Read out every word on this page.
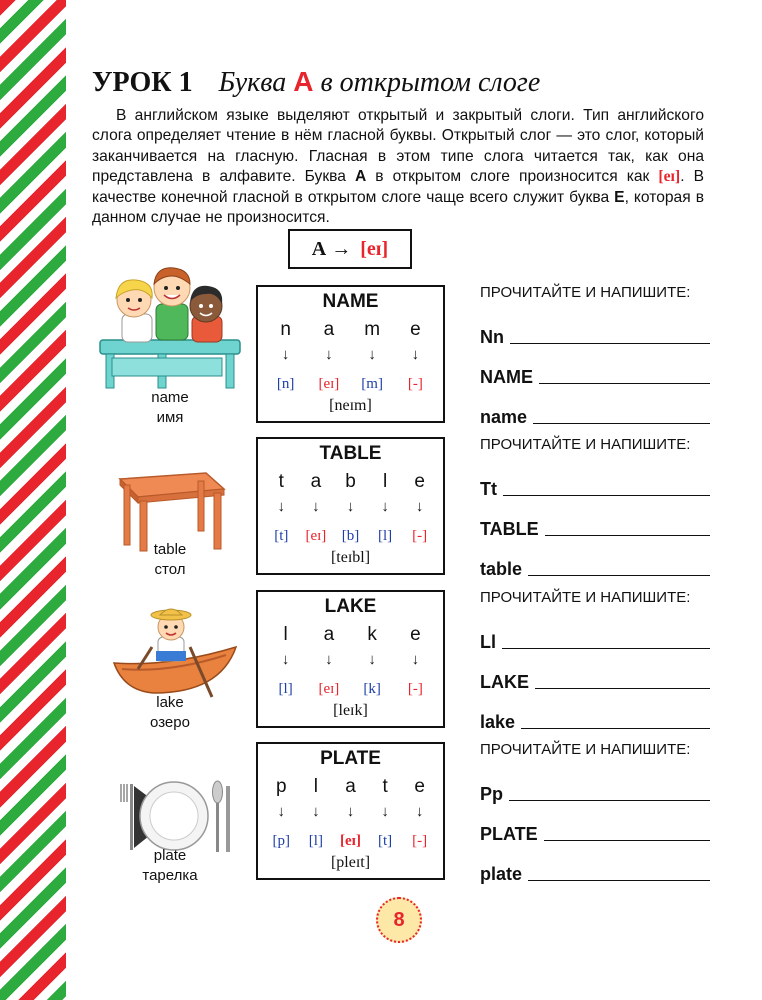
УРОК 1 Буква А в открытом слоге

В английском языке выделяют открытый и закрытый слоги. Тип английского слога определяет чтение в нём гласной буквы. Открытый слог — это слог, который заканчивается на гласную. Гласная в этом типе слога читается так, как она представлена в алфавите. Буква А в открытом слоге произносится как [eɪ]. В качестве конечной гласной в открытом слоге чаще всего служит буква Е, которая в данном случае не произносится.

A
→
[eɪ]
name
имя
table
стол
lake
озеро
plate
тарелка
NAME
n
↓
[n]
a
↓
[eɪ]
m
↓
[m]
e
↓
[-]
[neɪm]
TABLE
t
↓
[t]
a
↓
[eɪ]
b
↓
[b]
l
↓
[l]
e
↓
[-]
[teɪbl]
LAKE
l
↓
[l]
a
↓
[eɪ]
k
↓
[k]
e
↓
[-]
[leɪk]
PLATE
p
↓
[p]
l
↓
[l]
a
↓
[eɪ]
t
↓
[t]
e
↓
[-]
[pleɪt]
ПРОЧИТАЙТЕ И НАПИШИТЕ:
Nn
NAME
name
ПРОЧИТАЙТЕ И НАПИШИТЕ:
Tt
TABLE
table
ПРОЧИТАЙТЕ И НАПИШИТЕ:
Ll
LAKE
lake
ПРОЧИТАЙТЕ И НАПИШИТЕ:
Pp
PLATE
plate
8
